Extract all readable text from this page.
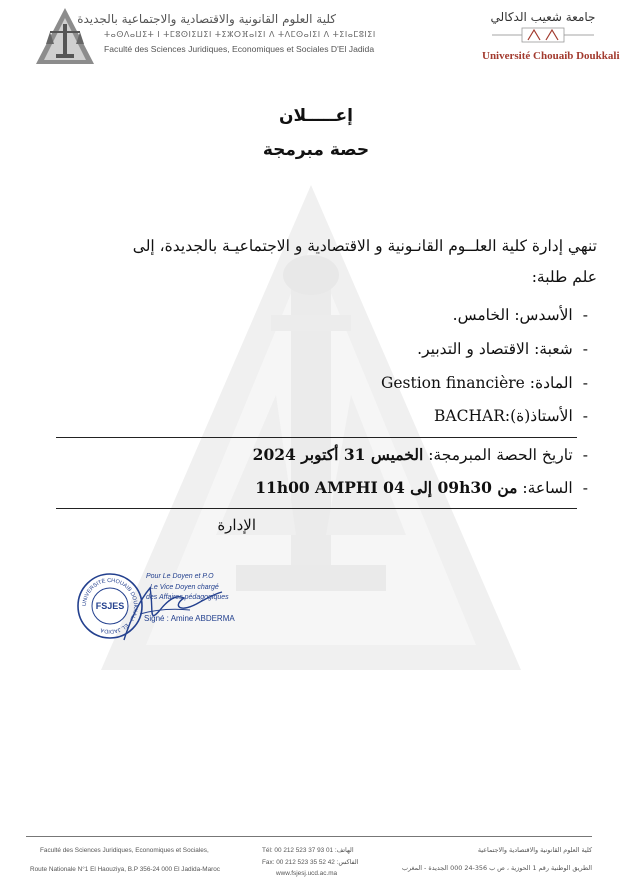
كلية العلوم القانونية والاقتصادية والاجتماعية بالجديدة
ⵜⴰⵙⴷⴰⵡⵉⵜ ⵏ ⵜⵎⵓⵙⵏⵉⵡⵉⵏ ⵜⵉⵣⵔⴼⴰⵏⵉⵏ ⴷ ⵜⴷⵎⵙⴰⵏⵉⵏ ⴷ ⵜⵉⵏⴰⵎⵓⵏⵉⵏ
Faculté des Sciences Juridiques, Economiques et Sociales D'El Jadida
جامعة شعيب الدكالي
Université Chouaib Doukkali
إعـــــلان
حصة مبرمجة
تنهي إدارة كلية العلــوم القانـونية و الاقتصادية و الاجتماعيـة بالجديدة، إلى
علم طلبة:
-الأسدس: الخامس.
-شعبة: الاقتصاد و التدبير.
-المادة: Gestion financière
-الأستاذ(ة):BACHAR
-تاريخ الحصة المبرمجة: الخميس 31 أكتوبر 2024
-الساعة: من 09h30 إلى 11h00 AMPHI 04
الإدارة
UNIVERSITÉ CHOUAIB DOUKKALI · EL JADIDA
FSJES
Pour Le Doyen et P.O
Le Vice Doyen chargé
des Affaires pédagogiques
Signé : Amine ABDERMA
Faculté des Sciences Juridiques, Economiques et Sociales,
Route Nationale N°1 El Haouziya, B.P 356-24 000 El Jadida-Maroc
Tél: 00 212 523 37 93 01 :الهاتف
Fax: 00 212 523 35 52 42 :الفاكس
www.fsjesj.ucd.ac.ma
كلية العلوم القانونية والاقتصادية والاجتماعية
الطريق الوطنية رقم 1 الحوزية ، ص ب 356-24 000 الجديدة - المغرب
